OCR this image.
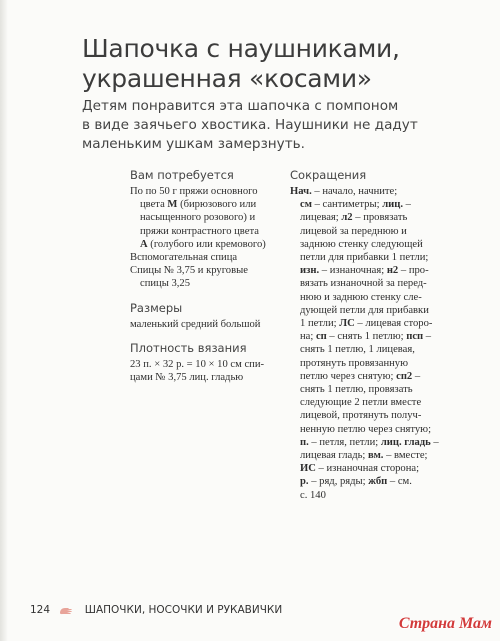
Шапочка с наушниками,
украшенная «косами»
Детям понравится эта шапочка с помпоном
в виде заячьего хвостика. Наушники не дадут
маленьким ушкам замерзнуть.
Вам потребуется
По по 50 г пряжи основного
цвета М (бирюзового или
насыщенного розового) и
пряжи контрастного цвета
А (голубого или кремового)
Вспомогательная спица
Спицы № 3,75 и круговые
спицы 3,25
Размеры
маленький средний большой
Плотность вязания
23 п. × 32 р. = 10 × 10 см спи-
цами № 3,75 лиц. гладью
Сокращения
Нач. – начало, начните;
см – сантиметры; лиц. –
лицевая; л2 – провязать
лицевой за переднюю и
заднюю стенку следующей
петли для прибавки 1 петли;
изн. – изнаночная; н2 – про-
вязать изнаночной за перед-
нюю и заднюю стенку сле-
дующей петли для прибавки
1 петли; ЛС – лицевая сторо-
на; сп – снять 1 петлю; псп –
снять 1 петлю, 1 лицевая,
протянуть провязанную
петлю через снятую; сп2 –
снять 1 петлю, провязать
следующие 2 петли вместе
лицевой, протянуть получ-
ненную петлю через снятую;
п. – петля, петли; лиц. гладь –
лицевая гладь; вм. – вместе;
ИС – изнаночная сторона;
р. – ряд, ряды; жбп – см.
с. 140
124	ШАПОЧКИ, НОСОЧКИ И РУКАВИЧКИ
Страна Мам
